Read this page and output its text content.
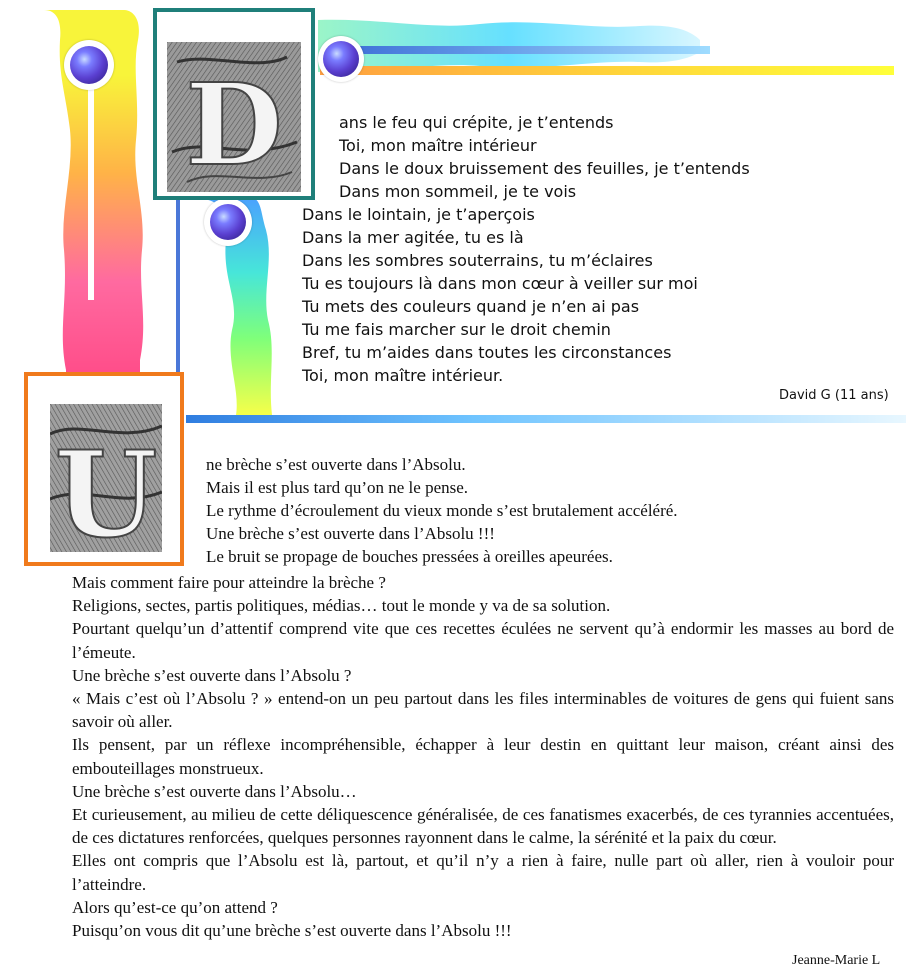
D
U
ans le feu qui crépite, je t’entends
Toi, mon maître intérieur
Dans le doux bruissement des feuilles, je t’entends
Dans mon sommeil, je te vois
Dans le lointain, je t’aperçois
Dans la mer agitée, tu es là
Dans les sombres souterrains, tu m’éclaires
Tu es toujours là dans mon cœur à veiller sur moi
Tu mets des couleurs quand je n’en ai pas
Tu me fais marcher sur le droit chemin
Bref, tu m’aides dans toutes les circonstances
Toi, mon maître intérieur.
David G (11 ans)
ne brèche s’est ouverte dans l’Absolu.
Mais il est plus tard qu’on ne le pense.
Le rythme d’écroulement du vieux monde s’est brutalement accéléré.
Une brèche s’est ouverte dans l’Absolu !!!
Le bruit se propage de bouches pressées à oreilles apeurées.

Mais comment faire pour atteindre la brèche ?

Religions, sectes, partis politiques, médias… tout le monde y va de sa solution.

Pourtant quelqu’un d’attentif comprend vite que ces recettes éculées ne servent qu’à endormir les masses au bord de l’émeute.

Une brèche s’est ouverte dans l’Absolu ?

« Mais c’est où l’Absolu ? » entend-on un peu partout dans les files interminables de voitures de gens qui fuient sans savoir où aller.

Ils pensent, par un réflexe incompréhensible, échapper à leur destin en quittant leur maison, créant ainsi des embouteillages monstrueux.

Une brèche s’est ouverte dans l’Absolu…

Et curieusement, au milieu de cette déliquescence généralisée, de ces fanatismes exacerbés, de ces tyrannies accentuées, de ces dictatures renforcées, quelques personnes rayonnent dans le calme, la sérénité et la paix du cœur.

Elles ont compris que l’Absolu est là, partout, et qu’il n’y a rien à faire, nulle part où aller, rien à vouloir pour l’atteindre.

Alors qu’est-ce qu’on attend ?

Puisqu’on vous dit qu’une brèche s’est ouverte dans l’Absolu !!!

Jeanne-Marie L
